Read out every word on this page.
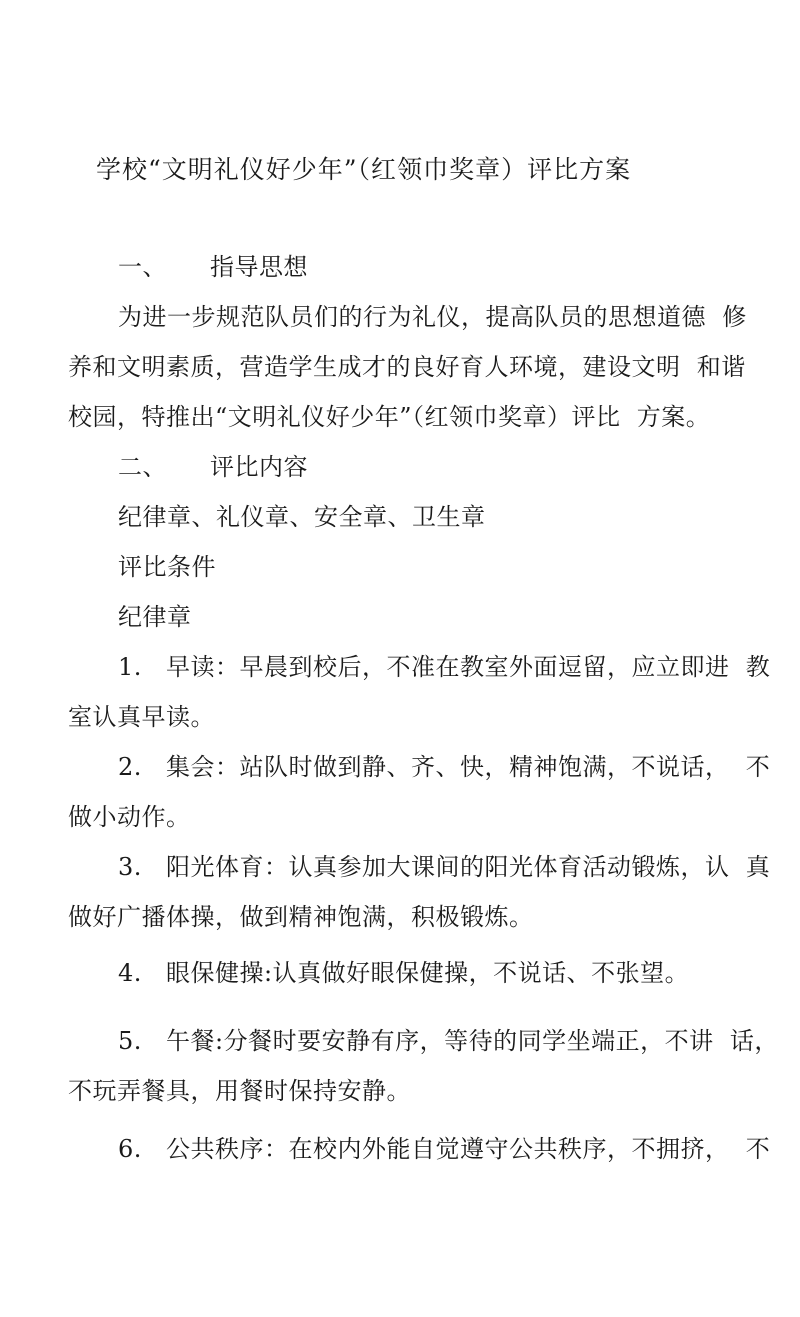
学校“文明礼仪好少年”（红领巾奖章）评比方案
一、 指导思想
为进一步规范队员们的行为礼仪，提高队员的思想道德  修
养和文明素质，营造学生成才的良好育人环境，建设文明  和谐
校园，特推出“文明礼仪好少年”（红领巾奖章）评比  方案。
二、 评比内容
纪律章、礼仪章、安全章、卫生章
评比条件
纪律章
1. 早读：早晨到校后，不准在教室外面逗留，应立即进  教
室认真早读。
2. 集会：站队时做到静、齐、快，精神饱满，不说话，  不
做小动作。
3. 阳光体育：认真参加大课间的阳光体育活动锻炼，认  真
做好广播体操，做到精神饱满，积极锻炼。
4. 眼保健操:认真做好眼保健操，不说话、不张望。
5. 午餐:分餐时要安静有序，等待的同学坐端正，不讲  话，
不玩弄餐具，用餐时保持安静。
6. 公共秩序：在校内外能自觉遵守公共秩序，不拥挤，  不
